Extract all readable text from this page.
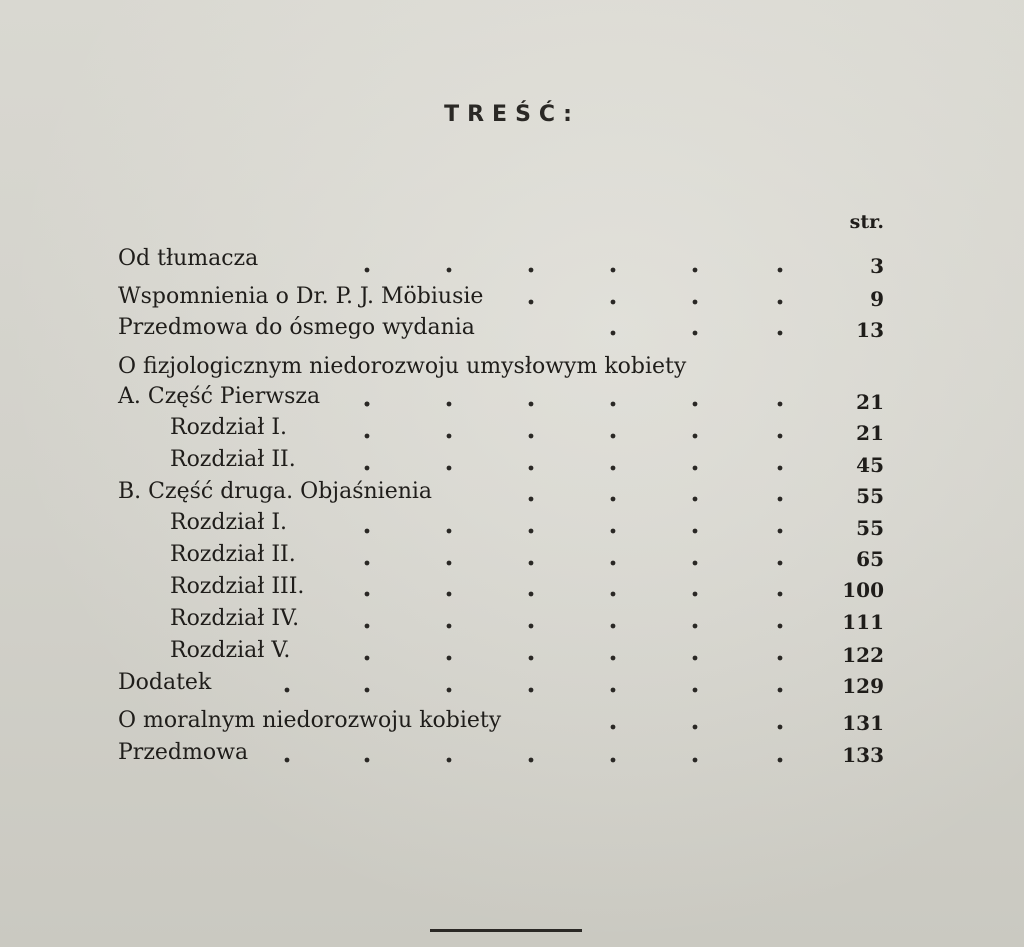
TREŚĆ:
str.
Od tłumacza	3
Wspomnienia o Dr. P. J. Möbiusie	9
Przedmowa do ósmego wydania	13
O fizjologicznym niedorozwoju umysłowym kobiety
A. Część Pierwsza	21
Rozdział I.	21
Rozdział II.	45
B. Część druga. Objaśnienia	55
Rozdział I.	55
Rozdział II.	65
Rozdział III.	100
Rozdział IV.	111
Rozdział V.	122
Dodatek	129
O moralnym niedorozwoju kobiety	131
Przedmowa	133
